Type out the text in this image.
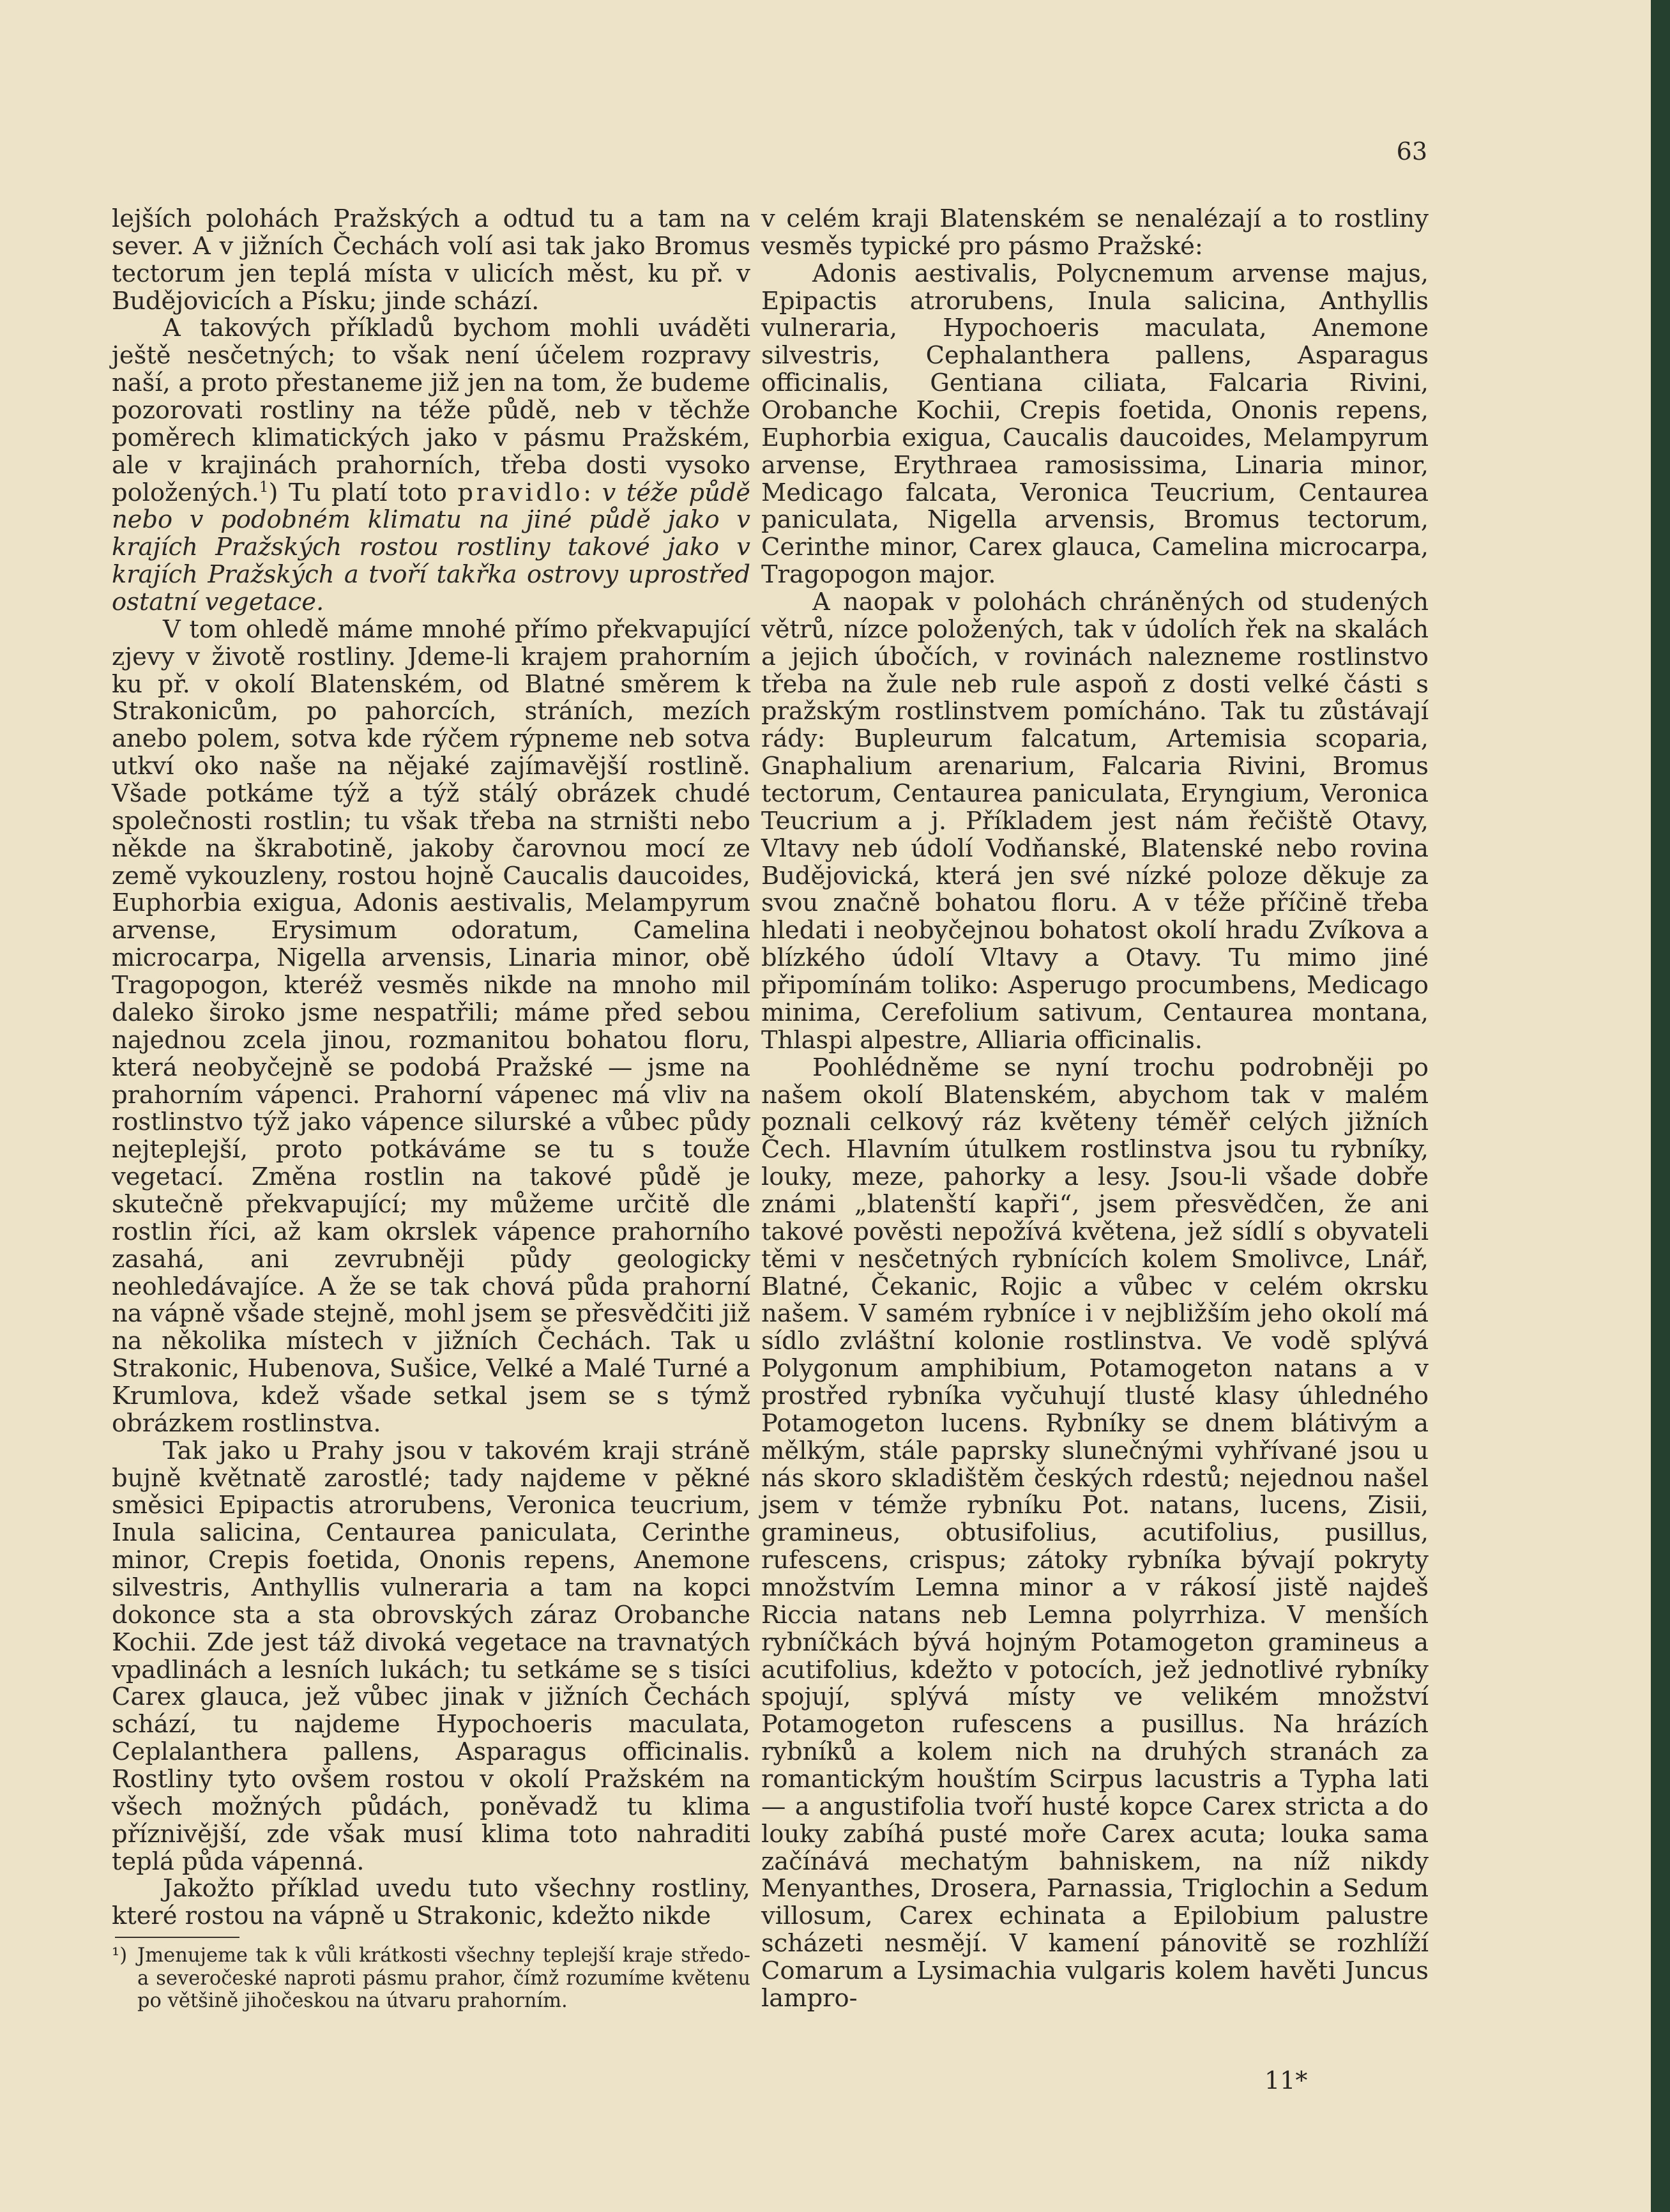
63

lejších polohách Pražských a odtud tu a tam na sever. A v jižních Čechách volí asi tak jako Bromus tectorum jen teplá místa v ulicích měst, ku př. v Budějovicích a Písku; jinde schází.

A takových příkladů bychom mohli uváděti ještě nesčetných; to však není účelem rozpravy naší, a proto přestaneme již jen na tom, že budeme pozorovati rostliny na téže půdě, neb v těchže poměrech klimatických jako v pásmu Pražském, ale v krajinách prahorních, třeba dosti vysoko položených.$^1$) Tu platí toto pravidlo: v téže půdě nebo v podobném klimatu na jiné půdě jako v krajích Pražských rostou rostliny takové jako v krajích Pražských a tvoří takřka ostrovy uprostřed ostatní vegetace.

V tom ohledě máme mnohé přímo překvapující zjevy v životě rostliny. Jdeme-li krajem prahorním ku př. v okolí Blatenském, od Blatné směrem k Strakonicům, po pahorcích, stráních, mezích anebo polem, sotva kde rýčem rýpneme neb sotva utkví oko naše na nějaké zajímavější rostlině. Všade potkáme týž a týž stálý obrázek chudé společnosti rostlin; tu však třeba na strništi nebo někde na škrabotině, jakoby čarovnou mocí ze země vykouzleny, rostou hojně Caucalis daucoides, Euphorbia exigua, Adonis aestivalis, Melampyrum arvense, Erysimum odoratum, Camelina microcarpa, Nigella arvensis, Linaria minor, obě Tragopogon, kteréž vesměs nikde na mnoho mil daleko široko jsme nespatřili; máme před sebou najednou zcela jinou, rozmanitou bohatou floru, která neobyčejně se podobá Pražské — jsme na prahorním vápenci. Prahorní vápenec má vliv na rostlinstvo týž jako vápence silurské a vůbec půdy nejteplejší, proto potkáváme se tu s touže vegetací. Změna rostlin na takové půdě je skutečně překvapující; my můžeme určitě dle rostlin říci, až kam okrslek vápence prahorního zasahá, ani zevrubněji půdy geologicky neohledávajíce. A že se tak chová půda prahorní na vápně všade stejně, mohl jsem se přesvědčiti již na několika místech v jižních Čechách. Tak u Strakonic, Hubenova, Sušice, Velké a Malé Turné a Krumlova, kdež všade setkal jsem se s týmž obrázkem rostlinstva.

Tak jako u Prahy jsou v takovém kraji stráně bujně květnatě zarostlé; tady najdeme v pěkné směsici Epipactis atrorubens, Veronica teucrium, Inula salicina, Centaurea paniculata, Cerinthe minor, Crepis foetida, Ononis repens, Anemone silvestris, Anthyllis vulneraria a tam na kopci dokonce sta a sta obrovských záraz Orobanche Kochii. Zde jest táž divoká vegetace na travnatých vpadlinách a lesních lukách; tu setkáme se s tisíci Carex glauca, jež vůbec jinak v jižních Čechách schází, tu najdeme Hypochoeris maculata, Ceplalanthera pallens, Asparagus officinalis. Rostliny tyto ovšem rostou v okolí Pražském na všech možných půdách, poněvadž tu klima příznivější, zde však musí klima toto nahraditi teplá půda vápenná.

Jakožto příklad uvedu tuto všechny rostliny, které rostou na vápně u Strakonic, kdežto nikde

¹) Jmenujeme tak k vůli krátkosti všechny teplejší kraje středo- a severočeské naproti pásmu prahor, čímž rozumíme květenu po většině jihočeskou na útvaru prahorním.

v celém kraji Blatenském se nenalézají a to rostliny vesměs typické pro pásmo Pražské:

Adonis aestivalis, Polycnemum arvense majus, Epipactis atrorubens, Inula salicina, Anthyllis vulneraria, Hypochoeris maculata, Anemone silvestris, Cephalanthera pallens, Asparagus officinalis, Gentiana ciliata, Falcaria Rivini, Orobanche Kochii, Crepis foetida, Ononis repens, Euphorbia exigua, Caucalis daucoides, Melampyrum arvense, Erythraea ramosissima, Linaria minor, Medicago falcata, Veronica Teucrium, Centaurea paniculata, Nigella arvensis, Bromus tectorum, Cerinthe minor, Carex glauca, Camelina microcarpa, Tragopogon major.

A naopak v polohách chráněných od studených větrů, nízce položených, tak v údolích řek na skalách a jejich úbočích, v rovinách nalezneme rostlinstvo třeba na žule neb rule aspoň z dosti velké části s pražským rostlinstvem pomícháno. Tak tu zůstávají rády: Bupleurum falcatum, Artemisia scoparia, Gnaphalium arenarium, Falcaria Rivini, Bromus tectorum, Centaurea paniculata, Eryngium, Veronica Teucrium a j. Příkladem jest nám řečiště Otavy, Vltavy neb údolí Vodňanské, Blatenské nebo rovina Budějovická, která jen své nízké poloze děkuje za svou značně bohatou floru. A v téže příčině třeba hledati i neobyčejnou bohatost okolí hradu Zvíkova a blízkého údolí Vltavy a Otavy. Tu mimo jiné připomínám toliko: Asperugo procumbens, Medicago minima, Cerefolium sativum, Centaurea montana, Thlaspi alpestre, Alliaria officinalis.

Poohlédněme se nyní trochu podrobněji po našem okolí Blatenském, abychom tak v malém poznali celkový ráz květeny téměř celých jižních Čech. Hlavním útulkem rostlinstva jsou tu rybníky, louky, meze, pahorky a lesy. Jsou-li všade dobře známi „blatenští kapři“, jsem přesvědčen, že ani takové pověsti nepožívá květena, jež sídlí s obyvateli těmi v nesčetných rybnících kolem Smolivce, Lnář, Blatné, Čekanic, Rojic a vůbec v celém okrsku našem. V samém rybníce i v nejbližším jeho okolí má sídlo zvláštní kolonie rostlinstva. Ve vodě splývá Polygonum amphibium, Potamogeton natans a v prostřed rybníka vyčuhují tlusté klasy úhledného Potamogeton lucens. Rybníky se dnem blátivým a mělkým, stále paprsky slunečnými vyhřívané jsou u nás skoro skladištěm českých rdestů; nejednou našel jsem v témže rybníku Pot. natans, lucens, Zisii, gramineus, obtusifolius, acutifolius, pusillus, rufescens, crispus; zátoky rybníka bývají pokryty množstvím Lemna minor a v rákosí jistě najdeš Riccia natans neb Lemna polyrrhiza. V menších rybníčkách bývá hojným Potamogeton gramineus a acutifolius, kdežto v potocích, jež jednotlivé rybníky spojují, splývá místy ve velikém množství Potamogeton rufescens a pusillus. Na hrázích rybníků a kolem nich na druhých stranách za romantickým houštím Scirpus lacustris a Typha lati — a angustifolia tvoří husté kopce Carex stricta a do louky zabíhá pusté moře Carex acuta; louka sama začínává mechatým bahniskem, na níž nikdy Menyanthes, Drosera, Parnassia, Triglochin a Sedum villosum, Carex echinata a Epilobium palustre scházeti nesmějí. V kamení pánovitě se rozhlíží Comarum a Lysimachia vulgaris kolem havěti Juncus lampro-

11*
